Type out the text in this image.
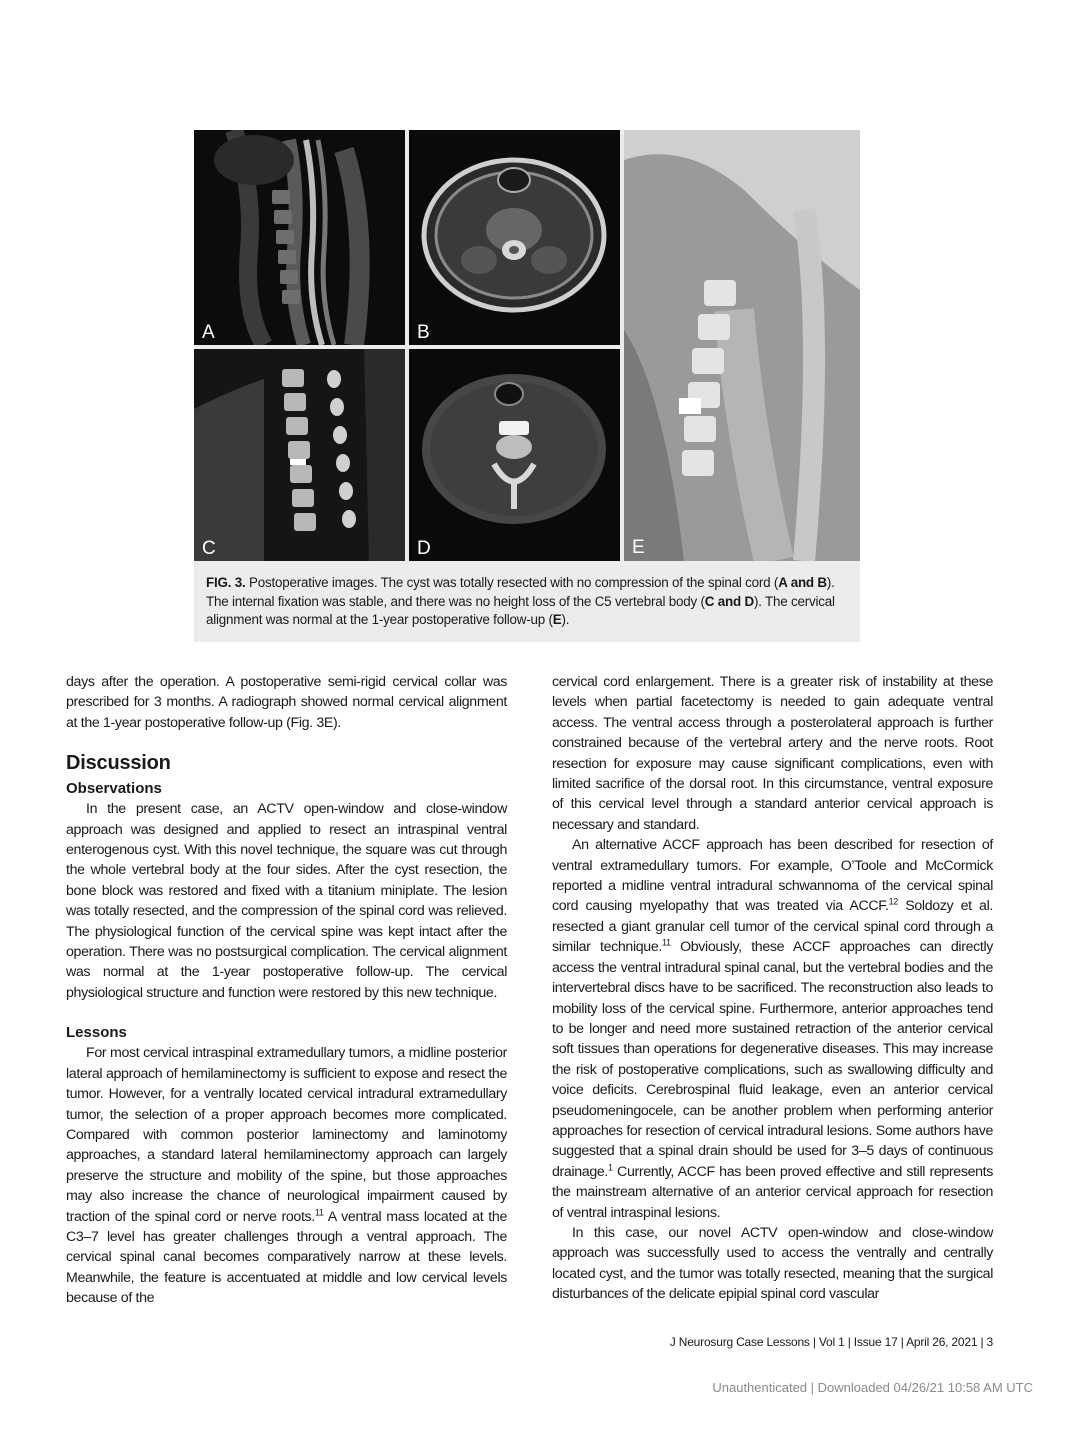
A	B
C	D	E
FIG. 3. Postoperative images. The cyst was totally resected with no compression of the spinal cord (A and B). The internal fixation was stable, and there was no height loss of the C5 vertebral body (C and D). The cervical alignment was normal at the 1-year postoperative follow-up (E).

days after the operation. A postoperative semi-rigid cervical collar was prescribed for 3 months. A radiograph showed normal cervical alignment at the 1-year postoperative follow-up (Fig. 3E).

Discussion
Observations

In the present case, an ACTV open-window and close-window approach was designed and applied to resect an intraspinal ventral enterogenous cyst. With this novel technique, the square was cut through the whole vertebral body at the four sides. After the cyst resection, the bone block was restored and fixed with a titanium miniplate. The lesion was totally resected, and the compression of the spinal cord was relieved. The physiological function of the cervical spine was kept intact after the operation. There was no postsurgical complication. The cervical alignment was normal at the 1-year postoperative follow-up. The cervical physiological structure and function were restored by this new technique.

Lessons

For most cervical intraspinal extramedullary tumors, a midline posterior lateral approach of hemilaminectomy is sufficient to expose and resect the tumor. However, for a ventrally located cervical intradural extramedullary tumor, the selection of a proper approach becomes more complicated. Compared with common posterior laminectomy and laminotomy approaches, a standard lateral hemilaminectomy approach can largely preserve the structure and mobility of the spine, but those approaches may also increase the chance of neurological impairment caused by traction of the spinal cord or nerve roots.$^{11}$ A ventral mass located at the C3–7 level has greater challenges through a ventral approach. The cervical spinal canal becomes comparatively narrow at these levels. Meanwhile, the feature is accentuated at middle and low cervical levels because of the

cervical cord enlargement. There is a greater risk of instability at these levels when partial facetectomy is needed to gain adequate ventral access. The ventral access through a posterolateral approach is further constrained because of the vertebral artery and the nerve roots. Root resection for exposure may cause significant complications, even with limited sacrifice of the dorsal root. In this circumstance, ventral exposure of this cervical level through a standard anterior cervical approach is necessary and standard.

An alternative ACCF approach has been described for resection of ventral extramedullary tumors. For example, O’Toole and McCormick reported a midline ventral intradural schwannoma of the cervical spinal cord causing myelopathy that was treated via ACCF.$^{12}$ Soldozy et al. resected a giant granular cell tumor of the cervical spinal cord through a similar technique.$^{11}$ Obviously, these ACCF approaches can directly access the ventral intradural spinal canal, but the vertebral bodies and the intervertebral discs have to be sacrificed. The reconstruction also leads to mobility loss of the cervical spine. Furthermore, anterior approaches tend to be longer and need more sustained retraction of the anterior cervical soft tissues than operations for degenerative diseases. This may increase the risk of postoperative complications, such as swallowing difficulty and voice deficits. Cerebrospinal fluid leakage, even an anterior cervical pseudomeningocele, can be another problem when performing anterior approaches for resection of cervical intradural lesions. Some authors have suggested that a spinal drain should be used for 3–5 days of continuous drainage.$^1$ Currently, ACCF has been proved effective and still represents the mainstream alternative of an anterior cervical approach for resection of ventral intraspinal lesions.

In this case, our novel ACTV open-window and close-window approach was successfully used to access the ventrally and centrally located cyst, and the tumor was totally resected, meaning that the surgical disturbances of the delicate epipial spinal cord vascular

J Neurosurg Case Lessons | Vol 1 | Issue 17 | April 26, 2021 | 3
Unauthenticated | Downloaded 04/26/21 10:58 AM UTC
